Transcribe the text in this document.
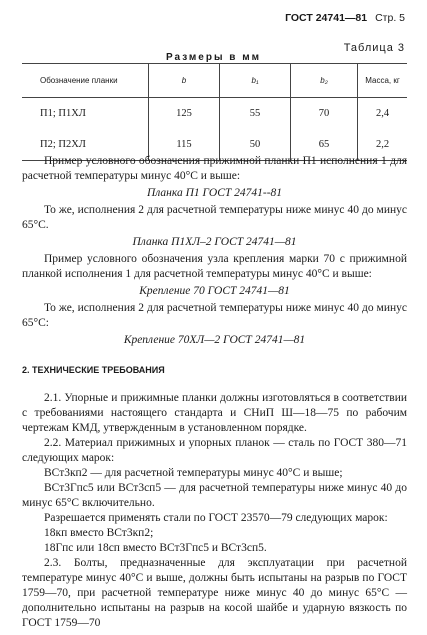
ГОСТ 24741—81 Стр. 5
Таблица 3
Размеры в мм
Обозначение планки	b	b₁	b₂	Масса, кг
П1; П1ХЛ	125	55	70	2,4
П2; П2ХЛ	115	50	65	2,2

Пример условного обозначения прижимной планки П1 исполнения 1 для расчетной температуры минус 40°С и выше:

Планка П1 ГОСТ 24741--81

То же, исполнения 2 для расчетной температуры ниже минус 40 до минус 65°С.

Планка П1ХЛ–2 ГОСТ 24741—81

Пример условного обозначения узла крепления марки 70 с прижимной планкой исполнения 1 для расчетной температуры минус 40°С и выше:

Крепление 70 ГОСТ 24741—81

То же, исполнения 2 для расчетной температуры ниже минус 40 до минус 65°С:

Крепление 70ХЛ—2 ГОСТ 24741—81

2. ТЕХНИЧЕСКИЕ ТРЕБОВАНИЯ

2.1. Упорные и прижимные планки должны изготовляться в соответствии с требованиями настоящего стандарта и СНиП Ш—18—75 по рабочим чертежам КМД, утвержденным в установленном порядке.

2.2. Материал прижимных и упорных планок — сталь по ГОСТ 380—71 следующих марок:

ВСт3кп2 — для расчетной температуры минус 40°С и выше;

ВСт3Гпс5 или ВСт3сп5 — для расчетной температуры ниже минус 40 до минус 65°С включительно.

Разрешается применять стали по ГОСТ 23570—79 следующих марок:

18кп вместо ВСт3кп2;

18Гпс или 18сп вместо ВСт3Гпс5 и ВСт3сп5.

2.3. Болты, предназначенные для эксплуатации при расчетной температуре минус 40°С и выше, должны быть испытаны на разрыв по ГОСТ 1759—70, при расчетной температуре ниже минус 40 до минус 65°С — дополнительно испытаны на разрыв на косой шайбе и ударную вязкость по ГОСТ 1759—70
